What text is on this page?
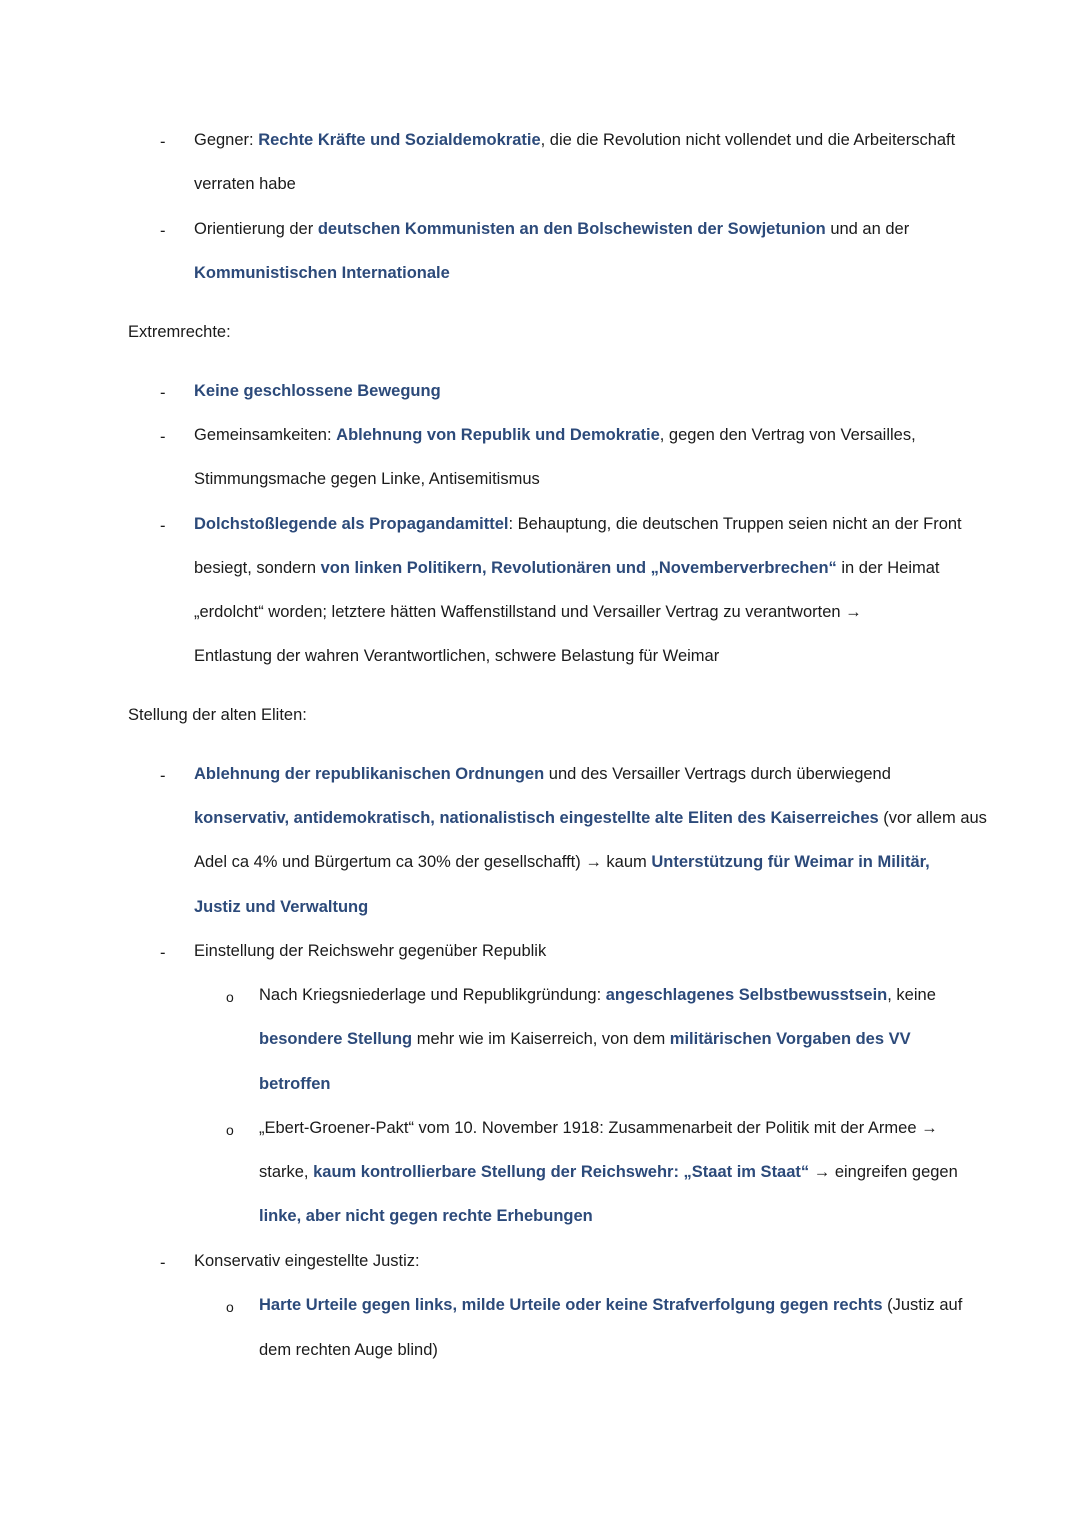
- Gegner: Rechte Kräfte und Sozialdemokratie, die die Revolution nicht vollendet und die Arbeiterschaft
verraten habe
- Orientierung der deutschen Kommunisten an den Bolschewisten der Sowjetunion und an der
Kommunistischen Internationale
Extremrechte:
- Keine geschlossene Bewegung
- Gemeinsamkeiten: Ablehnung von Republik und Demokratie, gegen den Vertrag von Versailles,
Stimmungsmache gegen Linke, Antisemitismus
- Dolchstoßlegende als Propagandamittel: Behauptung, die deutschen Truppen seien nicht an der Front
besiegt, sondern von linken Politikern, Revolutionären und „Novemberverbrechen“ in der Heimat
„erdolcht“ worden; letztere hätten Waffenstillstand und Versailler Vertrag zu verantworten →
Entlastung der wahren Verantwortlichen, schwere Belastung für Weimar
Stellung der alten Eliten:
- Ablehnung der republikanischen Ordnungen und des Versailler Vertrags durch überwiegend
konservativ, antidemokratisch, nationalistisch eingestellte alte Eliten des Kaiserreiches (vor allem aus
Adel ca 4% und Bürgertum ca 30% der gesellschafft) → kaum Unterstützung für Weimar in Militär,
Justiz und Verwaltung
- Einstellung der Reichswehr gegenüber Republik
o Nach Kriegsniederlage und Republikgründung: angeschlagenes Selbstbewusstsein, keine
besondere Stellung mehr wie im Kaiserreich, von dem militärischen Vorgaben des VV
betroffen
o „Ebert-Groener-Pakt“ vom 10. November 1918: Zusammenarbeit der Politik mit der Armee →
starke, kaum kontrollierbare Stellung der Reichswehr: „Staat im Staat“ → eingreifen gegen
linke, aber nicht gegen rechte Erhebungen
- Konservativ eingestellte Justiz:
o Harte Urteile gegen links, milde Urteile oder keine Strafverfolgung gegen rechts (Justiz auf
dem rechten Auge blind)
